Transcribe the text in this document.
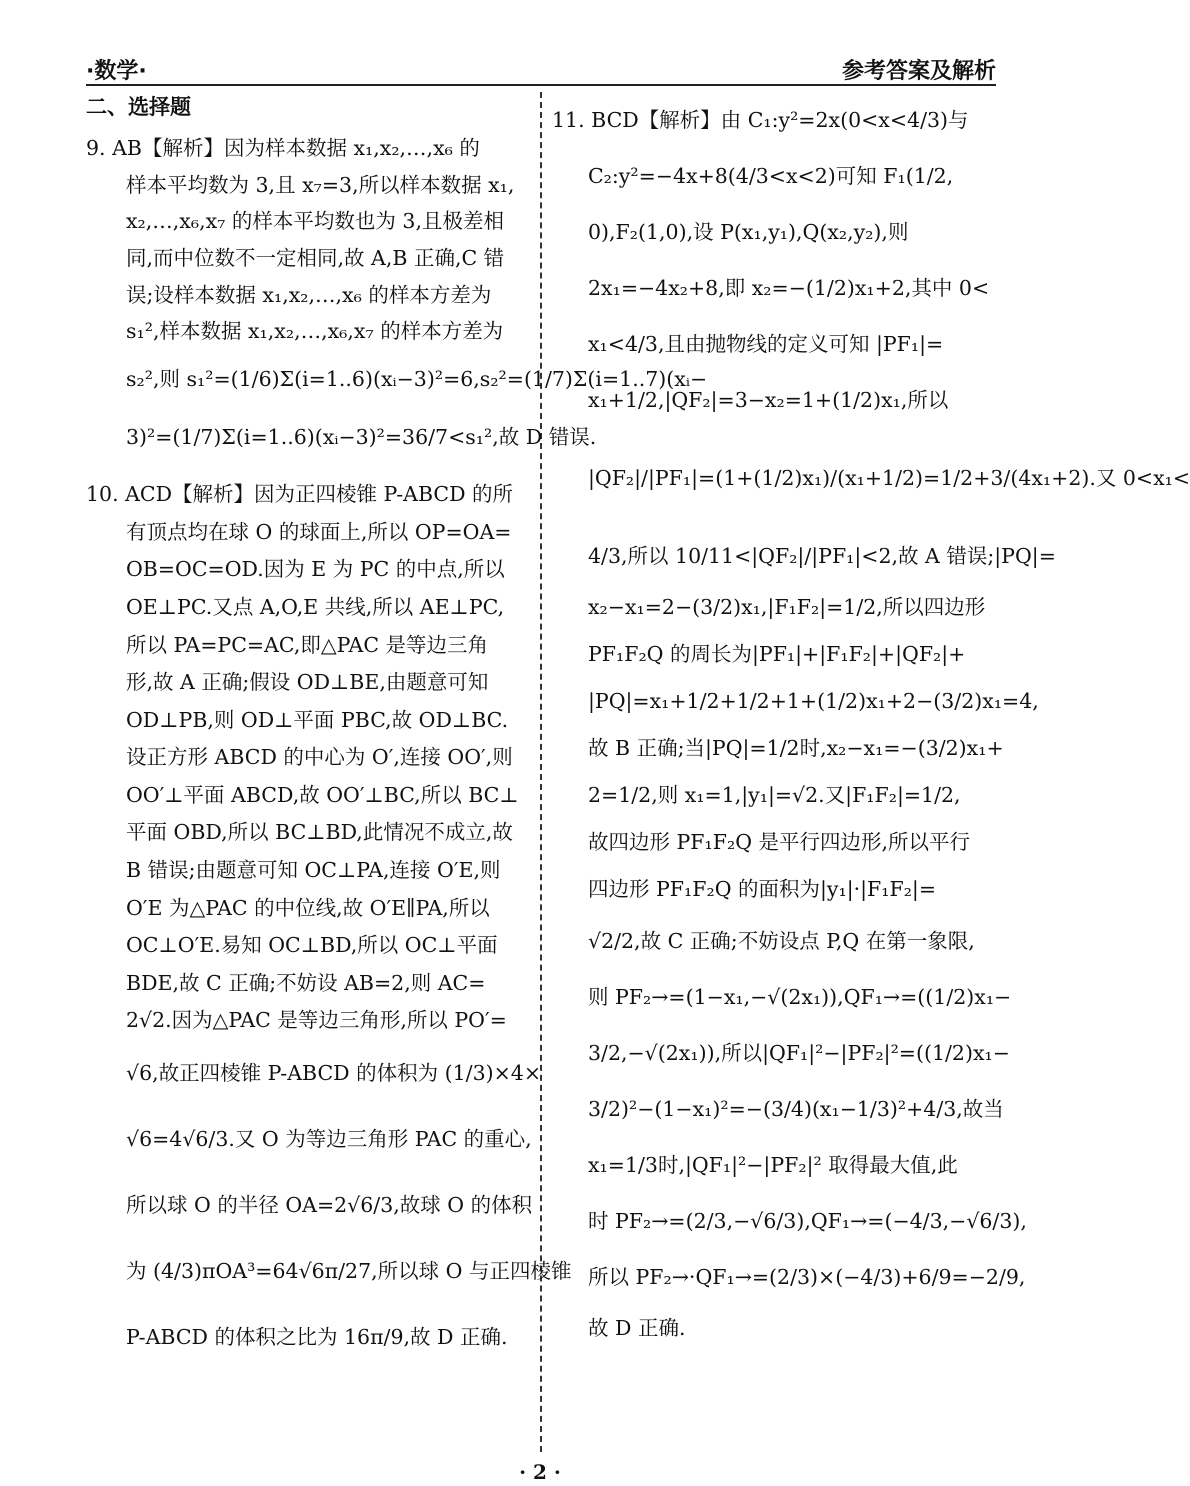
·数学·	参考答案及解析
二、选择题
9. AB【解析】因为样本数据 x₁,x₂,…,x₆ 的
样本平均数为 3,且 x₇=3,所以样本数据 x₁,
x₂,…,x₆,x₇ 的样本平均数也为 3,且极差相
同,而中位数不一定相同,故 A,B 正确,C 错
误;设样本数据 x₁,x₂,…,x₆ 的样本方差为
s₁²,样本数据 x₁,x₂,…,x₆,x₇ 的样本方差为
s₂²,则 s₁²=(1/6)Σ(i=1..6)(xᵢ−3)²=6,s₂²=(1/7)Σ(i=1..7)(xᵢ−
3)²=(1/7)Σ(i=1..6)(xᵢ−3)²=36/7<s₁²,故 D 错误.
10. ACD【解析】因为正四棱锥 P-ABCD 的所
有顶点均在球 O 的球面上,所以 OP=OA=
OB=OC=OD.因为 E 为 PC 的中点,所以
OE⊥PC.又点 A,O,E 共线,所以 AE⊥PC,
所以 PA=PC=AC,即△PAC 是等边三角
形,故 A 正确;假设 OD⊥BE,由题意可知
OD⊥PB,则 OD⊥平面 PBC,故 OD⊥BC.
设正方形 ABCD 的中心为 O′,连接 OO′,则
OO′⊥平面 ABCD,故 OO′⊥BC,所以 BC⊥
平面 OBD,所以 BC⊥BD,此情况不成立,故
B 错误;由题意可知 OC⊥PA,连接 O′E,则
O′E 为△PAC 的中位线,故 O′E∥PA,所以
OC⊥O′E.易知 OC⊥BD,所以 OC⊥平面
BDE,故 C 正确;不妨设 AB=2,则 AC=
2√2.因为△PAC 是等边三角形,所以 PO′=
√6,故正四棱锥 P-ABCD 的体积为 (1/3)×4×
√6=4√6/3.又 O 为等边三角形 PAC 的重心,
所以球 O 的半径 OA=2√6/3,故球 O 的体积
为 (4/3)πOA³=64√6π/27,所以球 O 与正四棱锥
P-ABCD 的体积之比为 16π/9,故 D 正确.
11. BCD【解析】由 C₁:y²=2x(0<x<4/3)与
C₂:y²=−4x+8(4/3<x<2)可知 F₁(1/2,
0),F₂(1,0),设 P(x₁,y₁),Q(x₂,y₂),则
2x₁=−4x₂+8,即 x₂=−(1/2)x₁+2,其中 0<
x₁<4/3,且由抛物线的定义可知 |PF₁|=
x₁+1/2,|QF₂|=3−x₂=1+(1/2)x₁,所以
|QF₂|/|PF₁|=(1+(1/2)x₁)/(x₁+1/2)=1/2+3/(4x₁+2).又 0<x₁<
4/3,所以 10/11<|QF₂|/|PF₁|<2,故 A 错误;|PQ|=
x₂−x₁=2−(3/2)x₁,|F₁F₂|=1/2,所以四边形
PF₁F₂Q 的周长为|PF₁|+|F₁F₂|+|QF₂|+
|PQ|=x₁+1/2+1/2+1+(1/2)x₁+2−(3/2)x₁=4,
故 B 正确;当|PQ|=1/2时,x₂−x₁=−(3/2)x₁+
2=1/2,则 x₁=1,|y₁|=√2.又|F₁F₂|=1/2,
故四边形 PF₁F₂Q 是平行四边形,所以平行
四边形 PF₁F₂Q 的面积为|y₁|·|F₁F₂|=
√2/2,故 C 正确;不妨设点 P,Q 在第一象限,
则 PF₂→=(1−x₁,−√(2x₁)),QF₁→=((1/2)x₁−
3/2,−√(2x₁)),所以|QF₁|²−|PF₂|²=((1/2)x₁−
3/2)²−(1−x₁)²=−(3/4)(x₁−1/3)²+4/3,故当
x₁=1/3时,|QF₁|²−|PF₂|² 取得最大值,此
时 PF₂→=(2/3,−√6/3),QF₁→=(−4/3,−√6/3),
所以 PF₂→·QF₁→=(2/3)×(−4/3)+6/9=−2/9,
故 D 正确.
· 2 ·
